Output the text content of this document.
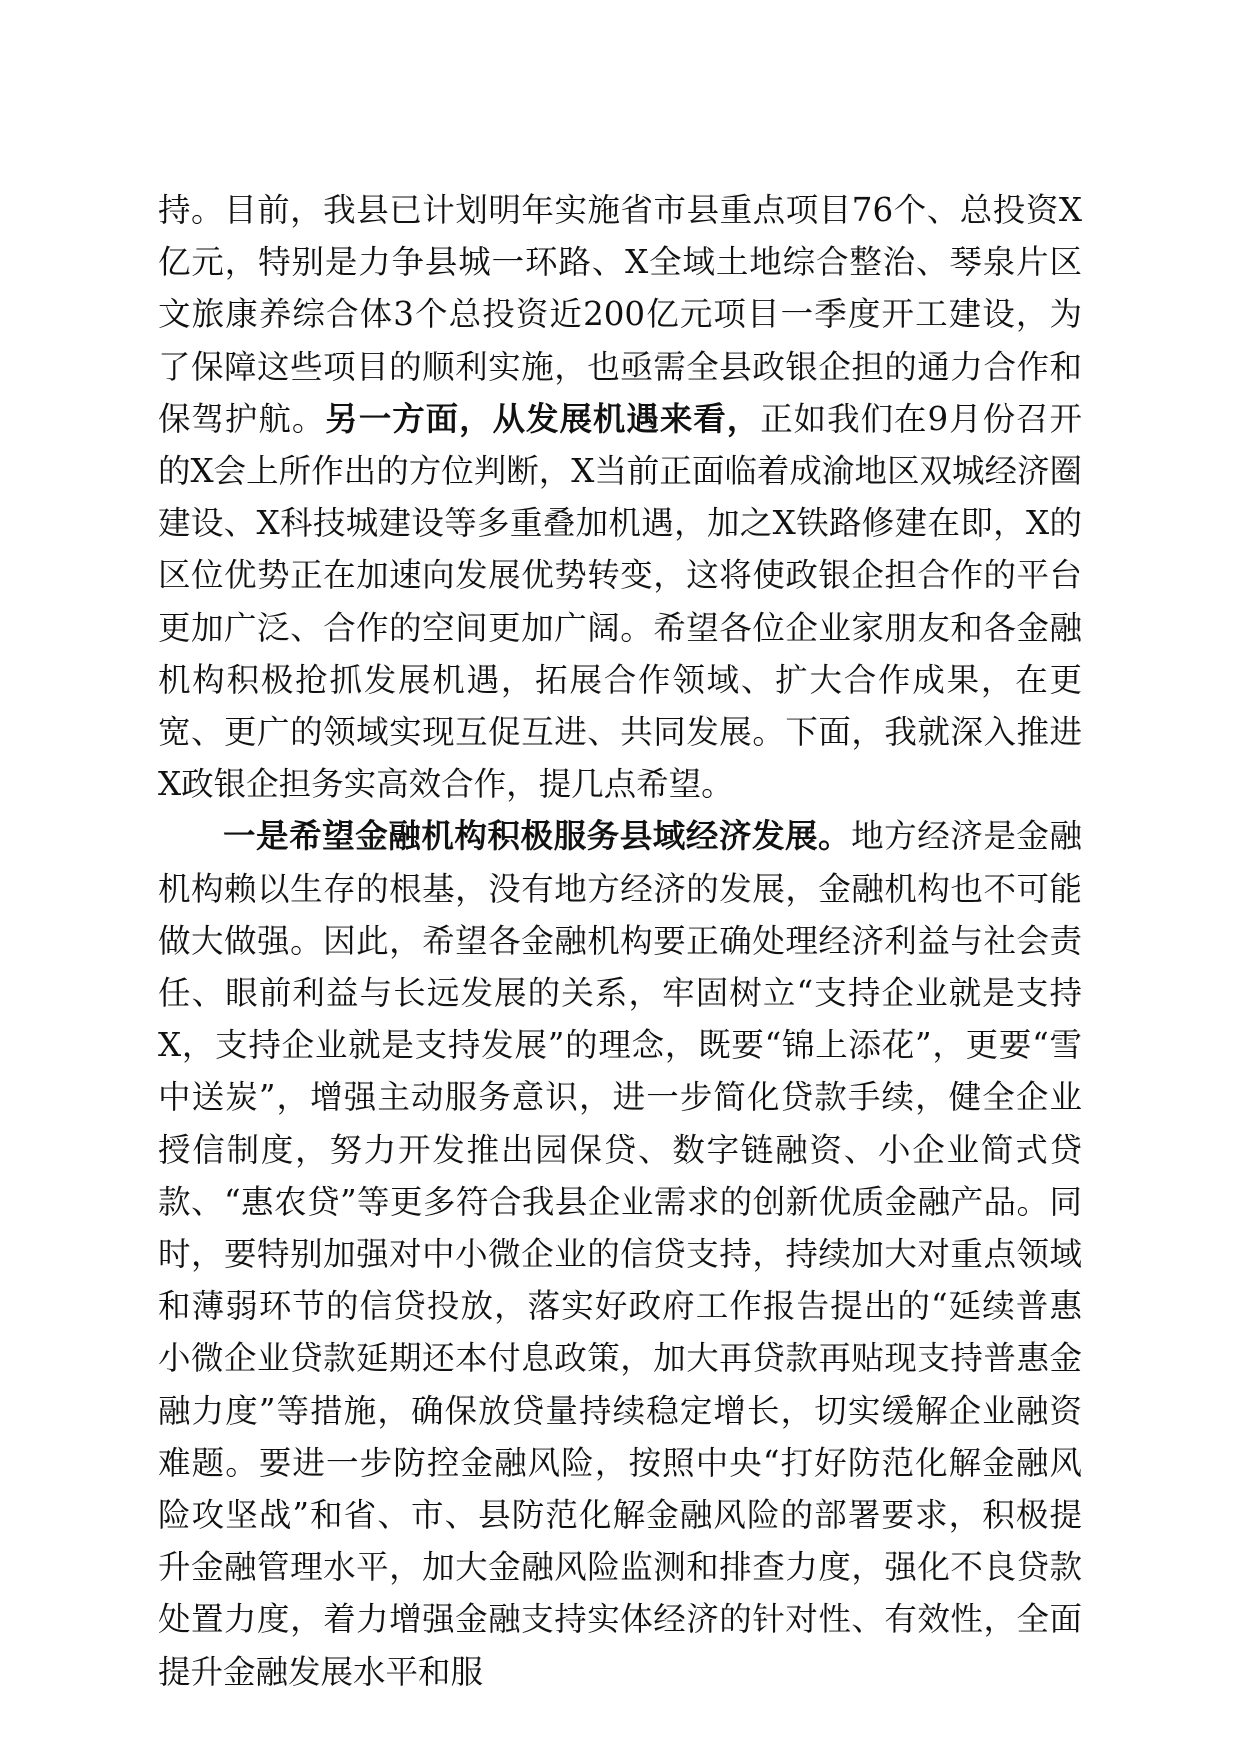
持。目前，我县已计划明年实施省市县重点项目76个、总投资X亿元，特别是力争县城一环路、X全域土地综合整治、琴泉片区文旅康养综合体3个总投资近200亿元项目一季度开工建设，为了保障这些项目的顺利实施，也亟需全县政银企担的通力合作和保驾护航。另一方面，从发展机遇来看，正如我们在9月份召开的X会上所作出的方位判断，X当前正面临着成渝地区双城经济圈建设、X科技城建设等多重叠加机遇，加之X铁路修建在即，X的区位优势正在加速向发展优势转变，这将使政银企担合作的平台更加广泛、合作的空间更加广阔。希望各位企业家朋友和各金融机构积极抢抓发展机遇，拓展合作领域、扩大合作成果，在更宽、更广的领域实现互促互进、共同发展。下面，我就深入推进X政银企担务实高效合作，提几点希望。

一是希望金融机构积极服务县域经济发展。地方经济是金融机构赖以生存的根基，没有地方经济的发展，金融机构也不可能做大做强。因此，希望各金融机构要正确处理经济利益与社会责任、眼前利益与长远发展的关系，牢固树立“支持企业就是支持X，支持企业就是支持发展”的理念，既要“锦上添花”，更要“雪中送炭”，增强主动服务意识，进一步简化贷款手续，健全企业授信制度，努力开发推出园保贷、数字链融资、小企业简式贷款、“惠农贷”等更多符合我县企业需求的创新优质金融产品。同时，要特别加强对中小微企业的信贷支持，持续加大对重点领域和薄弱环节的信贷投放，落实好政府工作报告提出的“延续普惠小微企业贷款延期还本付息政策，加大再贷款再贴现支持普惠金融力度”等措施，确保放贷量持续稳定增长，切实缓解企业融资难题。要进一步防控金融风险，按照中央“打好防范化解金融风险攻坚战”和省、市、县防范化解金融风险的部署要求，积极提升金融管理水平，加大金融风险监测和排查力度，强化不良贷款处置力度，着力增强金融支持实体经济的针对性、有效性，全面提升金融发展水平和服
